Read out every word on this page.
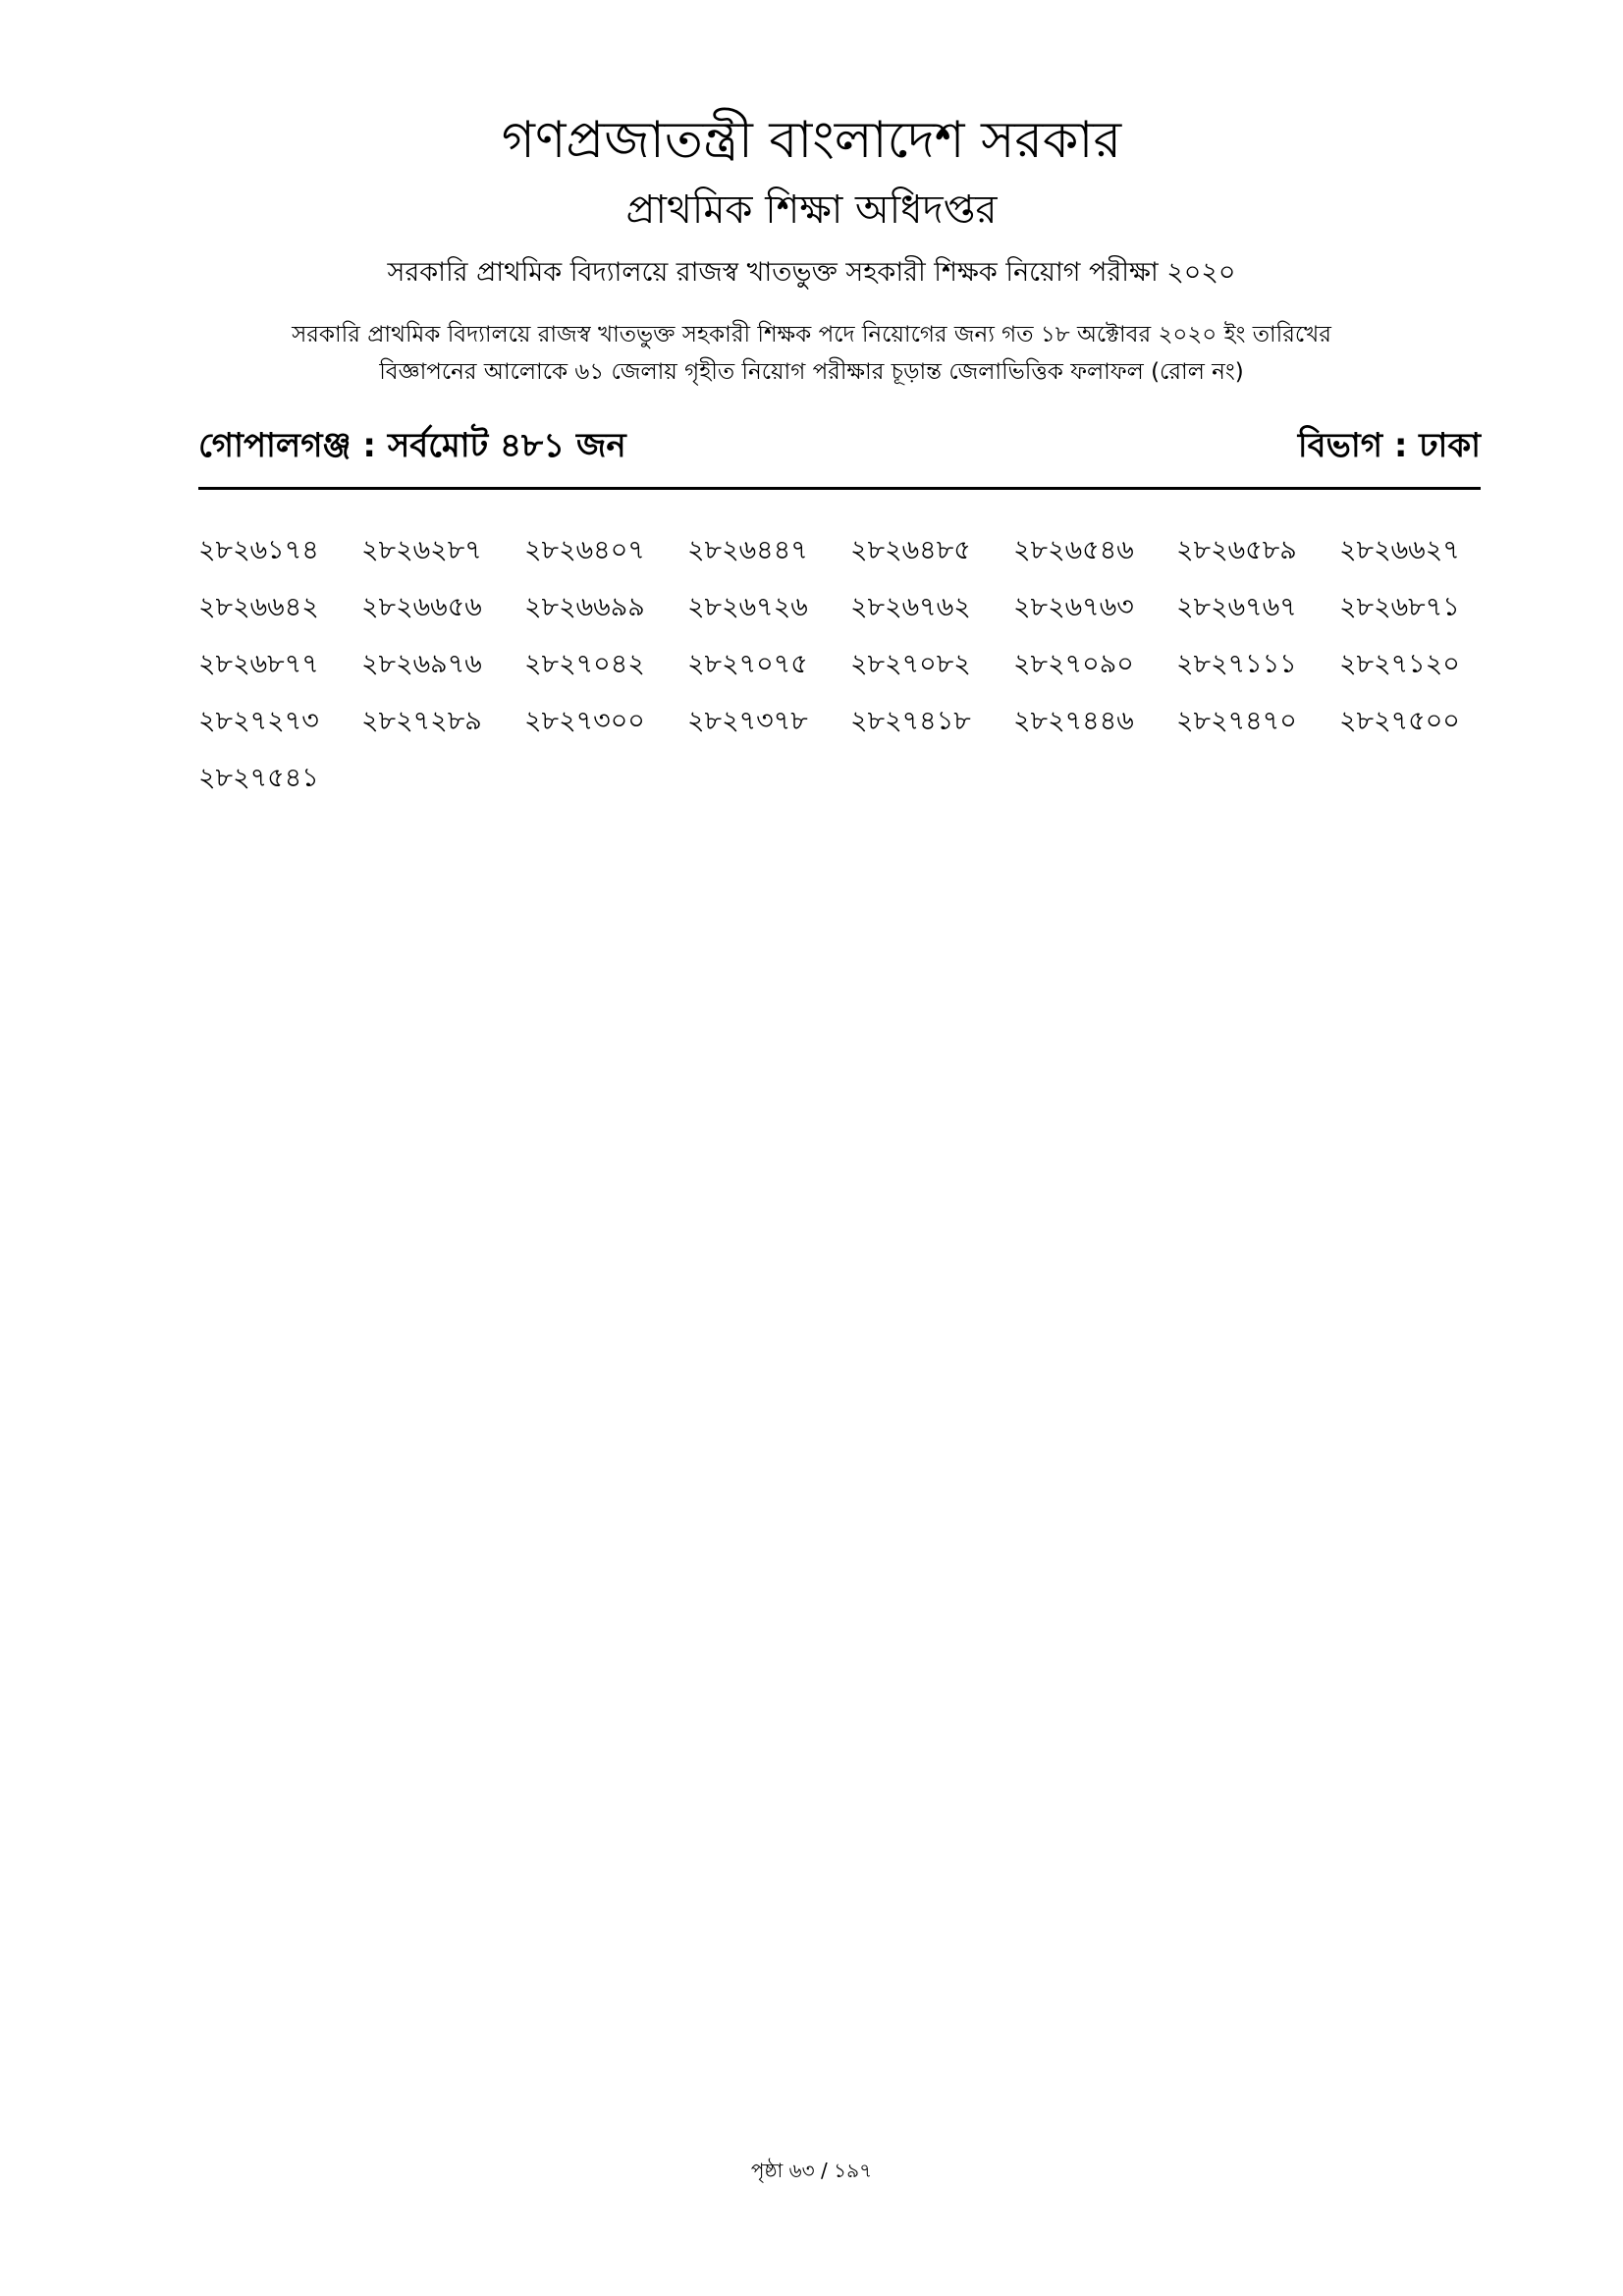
গণপ্রজাতন্ত্রী বাংলাদেশ সরকার
প্রাথমিক শিক্ষা অধিদপ্তর
সরকারি প্রাথমিক বিদ্যালয়ে রাজস্ব খাতভুক্ত সহকারী শিক্ষক নিয়োগ পরীক্ষা ২০২০
সরকারি প্রাথমিক বিদ্যালয়ে রাজস্ব খাতভুক্ত সহকারী শিক্ষক পদে নিয়োগের জন্য গত ১৮ অক্টোবর ২০২০ ইং তারিখের
বিজ্ঞাপনের আলোকে ৬১ জেলায় গৃহীত নিয়োগ পরীক্ষার চূড়ান্ত জেলাভিত্তিক ফলাফল (রোল নং)
গোপালগঞ্জ : সর্বমোট ৪৮১ জন	বিভাগ : ঢাকা
২৮২৬১৭৪	২৮২৬২৮৭	২৮২৬৪০৭	২৮২৬৪৪৭	২৮২৬৪৮৫	২৮২৬৫৪৬	২৮২৬৫৮৯	২৮২৬৬২৭
২৮২৬৬৪২	২৮২৬৬৫৬	২৮২৬৬৯৯	২৮২৬৭২৬	২৮২৬৭৬২	২৮২৬৭৬৩	২৮২৬৭৬৭	২৮২৬৮৭১
২৮২৬৮৭৭	২৮২৬৯৭৬	২৮২৭০৪২	২৮২৭০৭৫	২৮২৭০৮২	২৮২৭০৯০	২৮২৭১১১	২৮২৭১২০
২৮২৭২৭৩	২৮২৭২৮৯	২৮২৭৩০০	২৮২৭৩৭৮	২৮২৭৪১৮	২৮২৭৪৪৬	২৮২৭৪৭০	২৮২৭৫০০
২৮২৭৫৪১
পৃষ্ঠা ৬৩ / ১৯৭
